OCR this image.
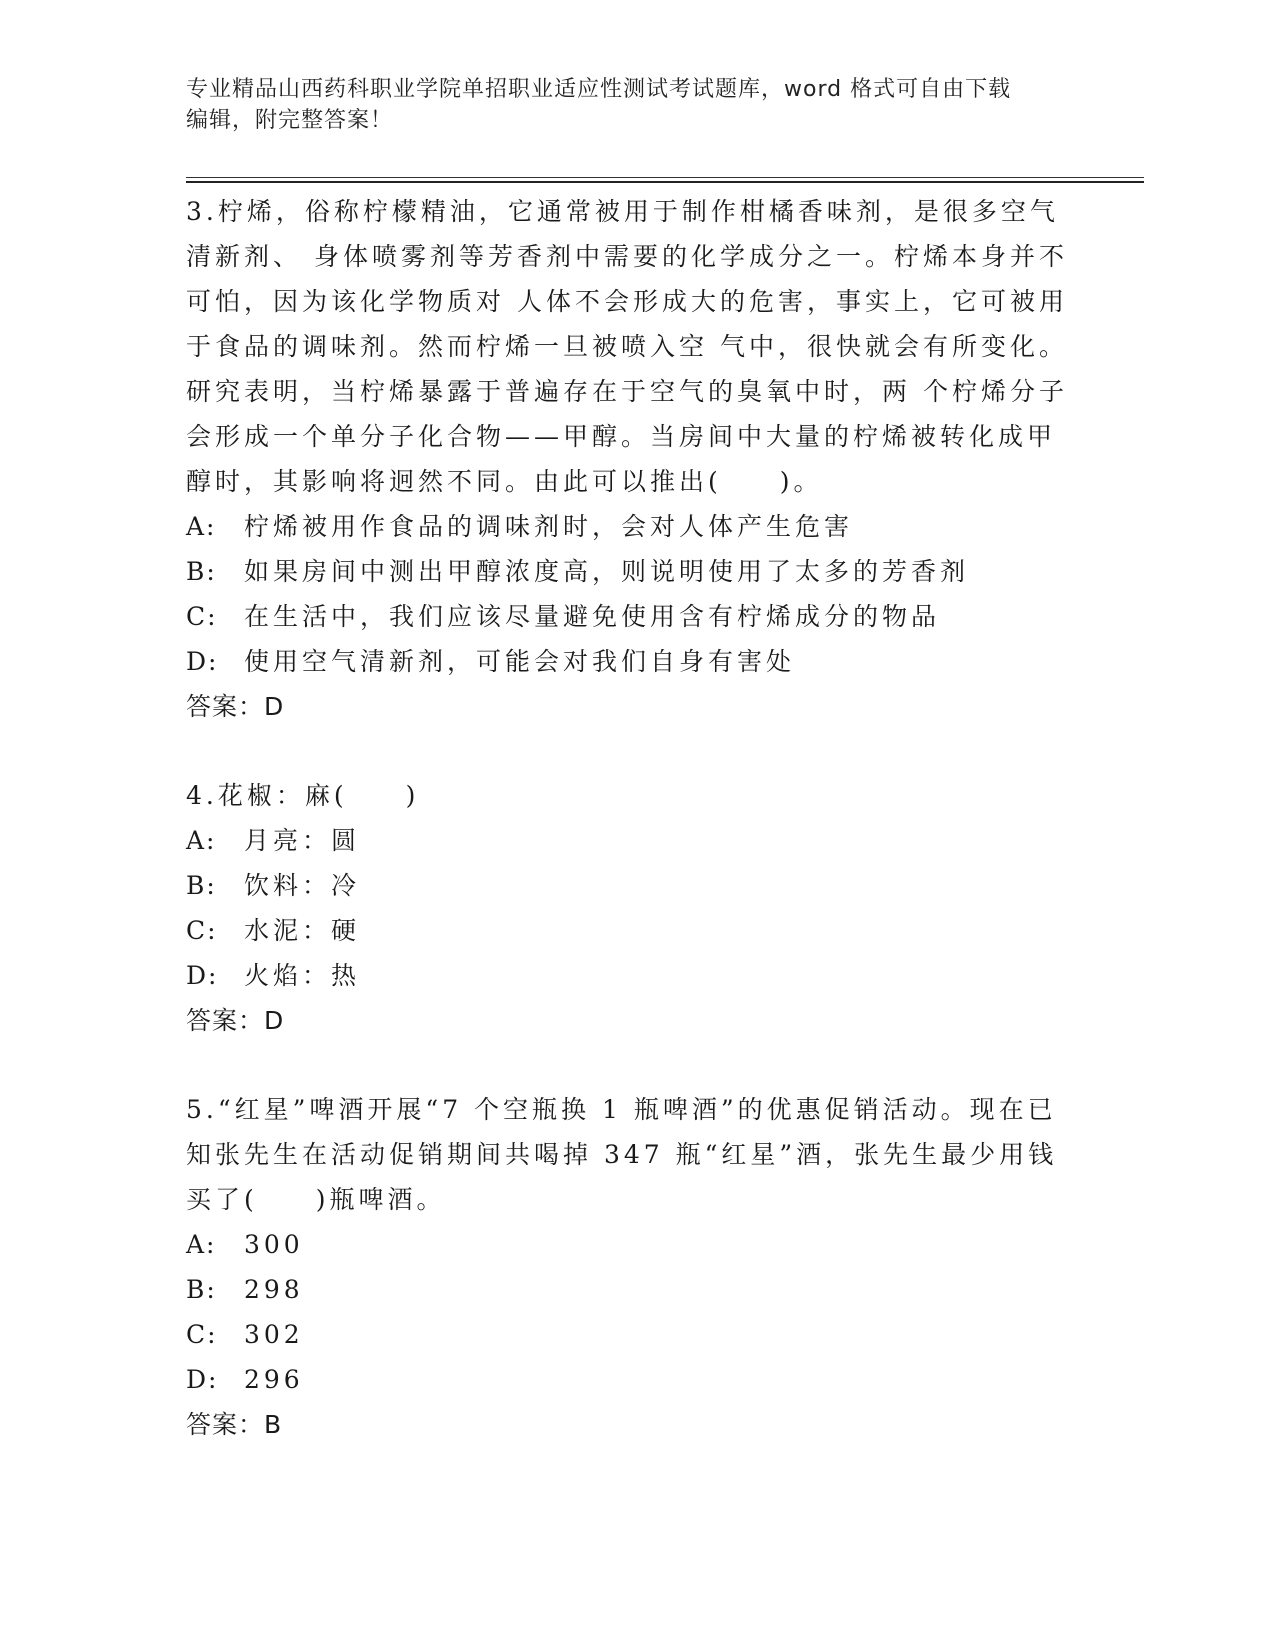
专业精品山西药科职业学院单招职业适应性测试考试题库，word 格式可自由下载
编辑，附完整答案！
3.柠烯，俗称柠檬精油，它通常被用于制作柑橘香味剂，是很多空气
清新剂、 身体喷雾剂等芳香剂中需要的化学成分之一。柠烯本身并不
可怕，因为该化学物质对 人体不会形成大的危害，事实上，它可被用
于食品的调味剂。然而柠烯一旦被喷入空 气中，很快就会有所变化。
研究表明，当柠烯暴露于普遍存在于空气的臭氧中时，两 个柠烯分子
会形成一个单分子化合物——甲醇。当房间中大量的柠烯被转化成甲
醇时，其影响将迥然不同。由此可以推出(　　)。
A: 柠烯被用作食品的调味剂时，会对人体产生危害
B: 如果房间中测出甲醇浓度高，则说明使用了太多的芳香剂
C: 在生活中，我们应该尽量避免使用含有柠烯成分的物品
D: 使用空气清新剂，可能会对我们自身有害处
答案：D
4.花椒：麻(　　)
A: 月亮：圆
B: 饮料：冷
C: 水泥：硬
D: 火焰：热
答案：D
5.“红星”啤酒开展“7 个空瓶换 1 瓶啤酒”的优惠促销活动。现在已
知张先生在活动促销期间共喝掉 347 瓶“红星”酒，张先生最少用钱
买了(　　)瓶啤酒。
A: 300
B: 298
C: 302
D: 296
答案：B
